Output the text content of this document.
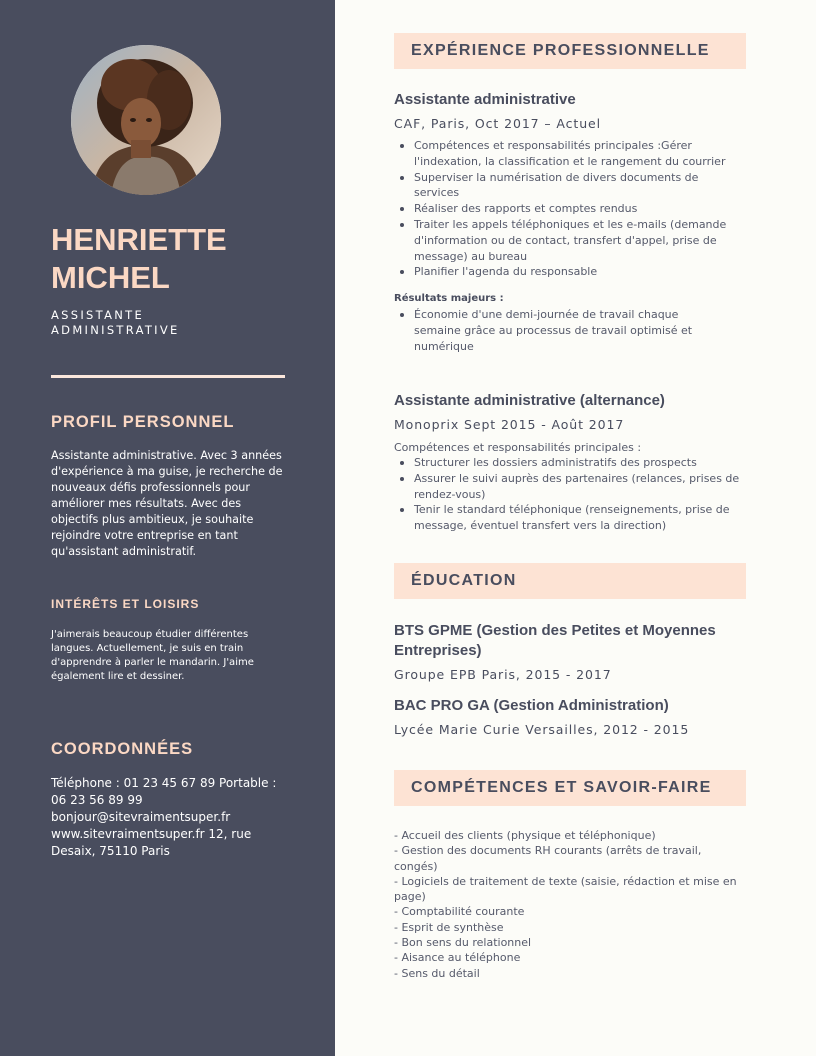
HENRIETTE
MICHEL
ASSISTANTE
ADMINISTRATIVE
PROFIL PERSONNEL
Assistante administrative. Avec 3 années d'expérience à ma guise, je recherche de nouveaux défis professionnels pour améliorer mes résultats. Avec des objectifs plus ambitieux, je souhaite rejoindre votre entreprise en tant qu'assistant administratif.
INTÉRÊTS ET LOISIRS
J'aimerais beaucoup étudier différentes langues. Actuellement, je suis en train d'apprendre à parler le mandarin. J'aime également lire et dessiner.
COORDONNÉES
Téléphone : 01 23 45 67 89 Portable : 06 23 56 89 99 bonjour@sitevraimentsuper.fr www.sitevraimentsuper.fr 12, rue Desaix, 75110 Paris
EXPÉRIENCE PROFESSIONNELLE
Assistante administrative
CAF, Paris, Oct 2017 – Actuel
Compétences et responsabilités principales :Gérer l'indexation, la classification et le rangement du courrier
Superviser la numérisation de divers documents de services
Réaliser des rapports et comptes rendus
Traiter les appels téléphoniques et les e-mails (demande d'information ou de contact, transfert d'appel, prise de message) au bureau
Planifier l'agenda du responsable
Résultats majeurs :
Économie d'une demi-journée de travail chaque semaine grâce au processus de travail optimisé et numérique
Assistante administrative (alternance)
Monoprix Sept 2015 - Août 2017
Compétences et responsabilités principales :
Structurer les dossiers administratifs des prospects
Assurer le suivi auprès des partenaires (relances, prises de rendez-vous)
Tenir le standard téléphonique (renseignements, prise de message, éventuel transfert vers la direction)
ÉDUCATION
BTS GPME (Gestion des Petites et Moyennes Entreprises)
Groupe EPB Paris, 2015 - 2017
BAC PRO GA (Gestion Administration)
Lycée Marie Curie Versailles, 2012 - 2015
COMPÉTENCES ET SAVOIR-FAIRE
- Accueil des clients (physique et téléphonique)
- Gestion des documents RH courants (arrêts de travail, congés)
- Logiciels de traitement de texte (saisie, rédaction et mise en page)
- Comptabilité courante
- Esprit de synthèse
- Bon sens du relationnel
- Aisance au téléphone
- Sens du détail
